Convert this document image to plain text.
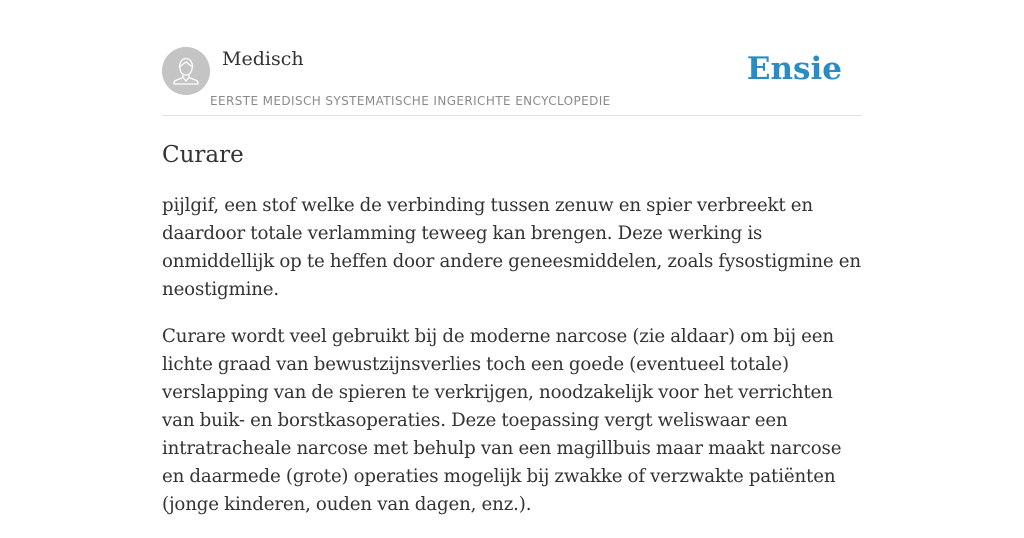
Medisch
EERSTE MEDISCH SYSTEMATISCHE INGERICHTE ENCYCLOPEDIE
Ensie
Curare

pijlgif, een stof welke de verbinding tussen zenuw en spier verbreekt en daardoor totale verlamming teweeg kan brengen. Deze werking is onmiddellijk op te heffen door andere geneesmiddelen, zoals fysostigmine en neostigmine.

Curare wordt veel gebruikt bij de moderne narcose (zie aldaar) om bij een lichte graad van bewustzijnsverlies toch een goede (eventueel totale) verslapping van de spieren te verkrijgen, noodzakelijk voor het verrichten van buik- en borstkasoperaties. Deze toepassing vergt weliswaar een intratracheale narcose met behulp van een magillbuis maar maakt narcose en daarmede (grote) operaties mogelijk bij zwakke of verzwakte patiënten (jonge kinderen, ouden van dagen, enz.).
